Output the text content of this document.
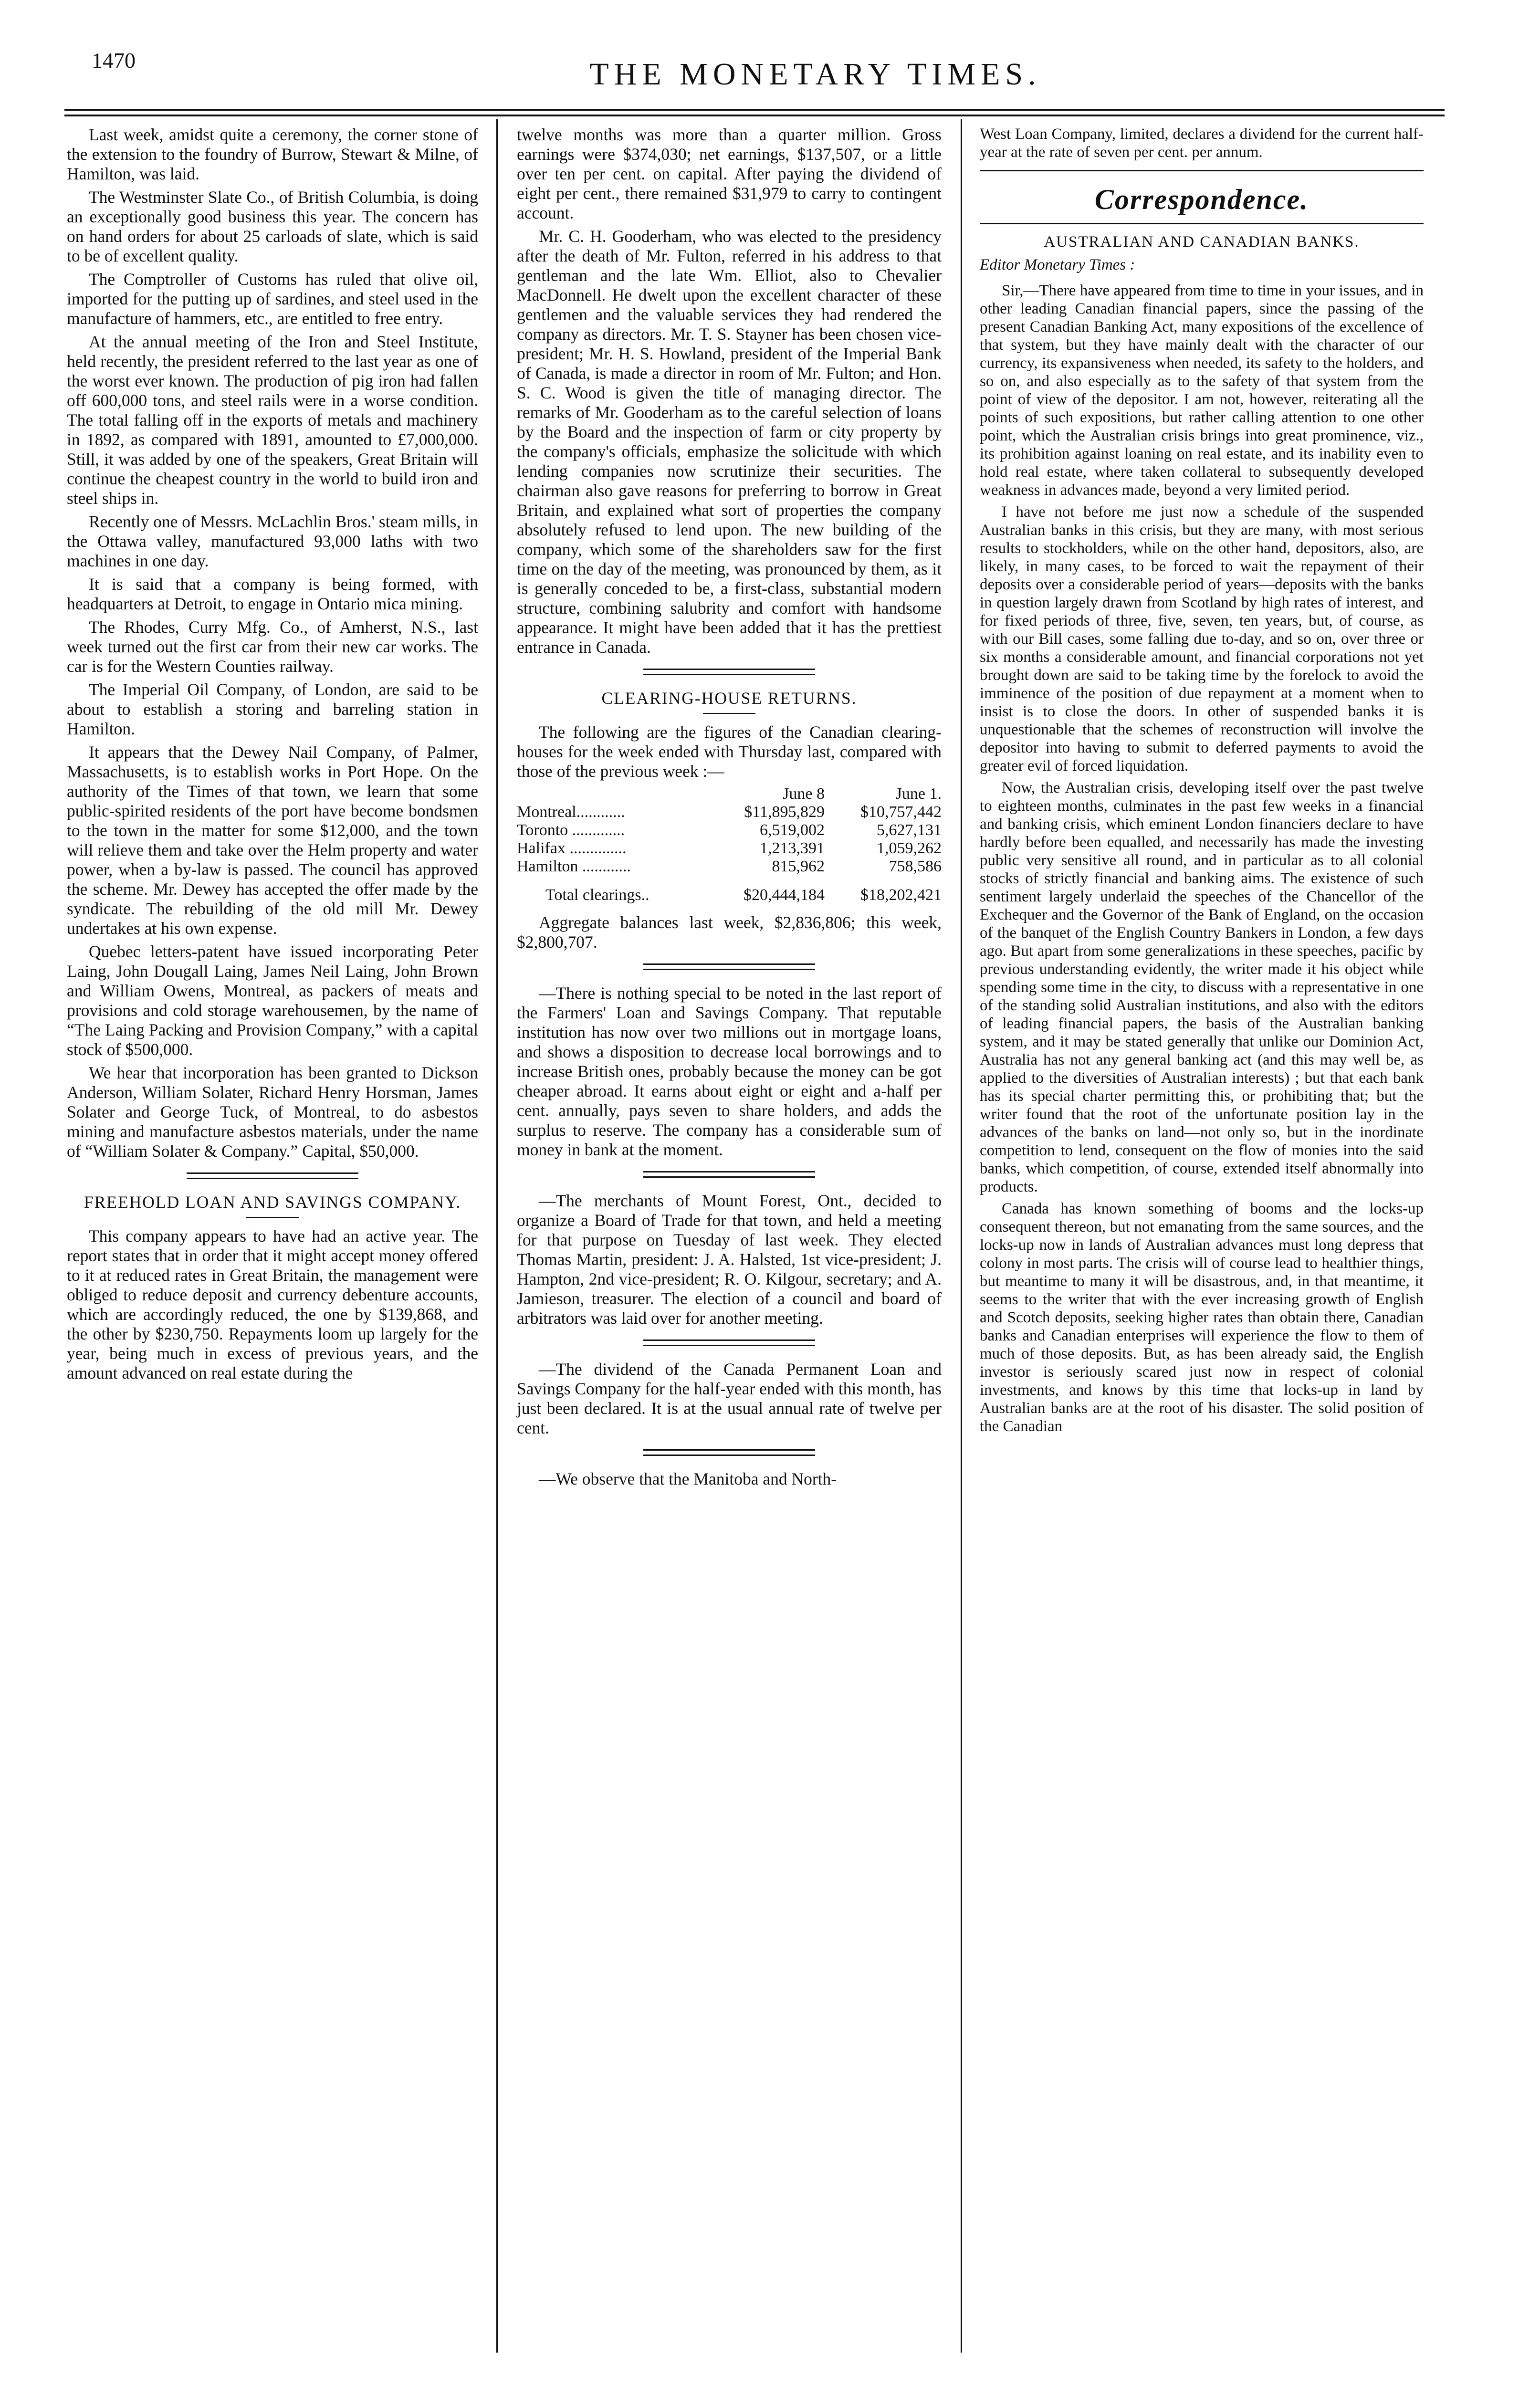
1470	THE MONETARY TIMES.

Last week, amidst quite a ceremony, the corner stone of the extension to the foundry of Burrow, Stewart & Milne, of Hamilton, was laid.

The Westminster Slate Co., of British Columbia, is doing an exceptionally good business this year. The concern has on hand orders for about 25 carloads of slate, which is said to be of excellent quality.

The Comptroller of Customs has ruled that olive oil, imported for the putting up of sardines, and steel used in the manufacture of hammers, etc., are entitled to free entry.

At the annual meeting of the Iron and Steel Institute, held recently, the president referred to the last year as one of the worst ever known. The production of pig iron had fallen off 600,000 tons, and steel rails were in a worse condition. The total falling off in the exports of metals and machinery in 1892, as compared with 1891, amounted to £7,000,000. Still, it was added by one of the speakers, Great Britain will continue the cheapest country in the world to build iron and steel ships in.

Recently one of Messrs. McLachlin Bros.' steam mills, in the Ottawa valley, manufactured 93,000 laths with two machines in one day.

It is said that a company is being formed, with headquarters at Detroit, to engage in Ontario mica mining.

The Rhodes, Curry Mfg. Co., of Amherst, N.S., last week turned out the first car from their new car works. The car is for the Western Counties railway.

The Imperial Oil Company, of London, are said to be about to establish a storing and barreling station in Hamilton.

It appears that the Dewey Nail Company, of Palmer, Massachusetts, is to establish works in Port Hope. On the authority of the Times of that town, we learn that some public-spirited residents of the port have become bondsmen to the town in the matter for some $12,000, and the town will relieve them and take over the Helm property and water power, when a by-law is passed. The council has approved the scheme. Mr. Dewey has accepted the offer made by the syndicate. The rebuilding of the old mill Mr. Dewey undertakes at his own expense.

Quebec letters-patent have issued incorporating Peter Laing, John Dougall Laing, James Neil Laing, John Brown and William Owens, Montreal, as packers of meats and provisions and cold storage warehousemen, by the name of “The Laing Packing and Provision Company,” with a capital stock of $500,000.

We hear that incorporation has been granted to Dickson Anderson, William Solater, Richard Henry Horsman, James Solater and George Tuck, of Montreal, to do asbestos mining and manufacture asbestos materials, under the name of “William Solater & Company.” Capital, $50,000.

FREEHOLD LOAN AND SAVINGS COMPANY.

This company appears to have had an active year. The report states that in order that it might accept money offered to it at reduced rates in Great Britain, the management were obliged to reduce deposit and currency debenture accounts, which are accordingly reduced, the one by $139,868, and the other by $230,750. Repayments loom up largely for the year, being much in excess of previous years, and the amount advanced on real estate during the

twelve months was more than a quarter million. Gross earnings were $374,030; net earnings, $137,507, or a little over ten per cent. on capital. After paying the dividend of eight per cent., there remained $31,979 to carry to contingent account.

Mr. C. H. Gooderham, who was elected to the presidency after the death of Mr. Fulton, referred in his address to that gentleman and the late Wm. Elliot, also to Chevalier MacDonnell. He dwelt upon the excellent character of these gentlemen and the valuable services they had rendered the company as directors. Mr. T. S. Stayner has been chosen vice-president; Mr. H. S. Howland, president of the Imperial Bank of Canada, is made a director in room of Mr. Fulton; and Hon. S. C. Wood is given the title of managing director. The remarks of Mr. Gooderham as to the careful selection of loans by the Board and the inspection of farm or city property by the company's officials, emphasize the solicitude with which lending companies now scrutinize their securities. The chairman also gave reasons for preferring to borrow in Great Britain, and explained what sort of properties the company absolutely refused to lend upon. The new building of the company, which some of the shareholders saw for the first time on the day of the meeting, was pronounced by them, as it is generally conceded to be, a first-class, substantial modern structure, combining salubrity and comfort with handsome appearance. It might have been added that it has the prettiest entrance in Canada.

CLEARING-HOUSE RETURNS.

The following are the figures of the Canadian clearing-houses for the week ended with Thursday last, compared with those of the previous week :—

	June 8	June 1.
Montreal............	$11,895,829	$10,757,442
Toronto .............	6,519,002	5,627,131
Halifax ..............	1,213,391	1,059,262
Hamilton ............	815,962	758,586
Total clearings..	$20,444,184	$18,202,421

Aggregate balances last week, $2,836,806; this week, $2,800,707.

—There is nothing special to be noted in the last report of the Farmers' Loan and Savings Company. That reputable institution has now over two millions out in mortgage loans, and shows a disposition to decrease local borrowings and to increase British ones, probably because the money can be got cheaper abroad. It earns about eight or eight and a-half per cent. annually, pays seven to share holders, and adds the surplus to reserve. The company has a considerable sum of money in bank at the moment.

—The merchants of Mount Forest, Ont., decided to organize a Board of Trade for that town, and held a meeting for that purpose on Tuesday of last week. They elected Thomas Martin, president: J. A. Halsted, 1st vice-president; J. Hampton, 2nd vice-president; R. O. Kilgour, secretary; and A. Jamieson, treasurer. The election of a council and board of arbitrators was laid over for another meeting.

—The dividend of the Canada Permanent Loan and Savings Company for the half-year ended with this month, has just been declared. It is at the usual annual rate of twelve per cent.

—We observe that the Manitoba and North-

West Loan Company, limited, declares a dividend for the current half-year at the rate of seven per cent. per annum.

Correspondence.

AUSTRALIAN AND CANADIAN BANKS.

Editor Monetary Times :

Sir,—There have appeared from time to time in your issues, and in other leading Canadian financial papers, since the passing of the present Canadian Banking Act, many expositions of the excellence of that system, but they have mainly dealt with the character of our currency, its expansiveness when needed, its safety to the holders, and so on, and also especially as to the safety of that system from the point of view of the depositor. I am not, however, reiterating all the points of such expositions, but rather calling attention to one other point, which the Australian crisis brings into great prominence, viz., its prohibition against loaning on real estate, and its inability even to hold real estate, where taken collateral to subsequently developed weakness in advances made, beyond a very limited period.

I have not before me just now a schedule of the suspended Australian banks in this crisis, but they are many, with most serious results to stockholders, while on the other hand, depositors, also, are likely, in many cases, to be forced to wait the repayment of their deposits over a considerable period of years—deposits with the banks in question largely drawn from Scotland by high rates of interest, and for fixed periods of three, five, seven, ten years, but, of course, as with our Bill cases, some falling due to-day, and so on, over three or six months a considerable amount, and financial corporations not yet brought down are said to be taking time by the forelock to avoid the imminence of the position of due repayment at a moment when to insist is to close the doors. In other of suspended banks it is unquestionable that the schemes of reconstruction will involve the depositor into having to submit to deferred payments to avoid the greater evil of forced liquidation.

Now, the Australian crisis, developing itself over the past twelve to eighteen months, culminates in the past few weeks in a financial and banking crisis, which eminent London financiers declare to have hardly before been equalled, and necessarily has made the investing public very sensitive all round, and in particular as to all colonial stocks of strictly financial and banking aims. The existence of such sentiment largely underlaid the speeches of the Chancellor of the Exchequer and the Governor of the Bank of England, on the occasion of the banquet of the English Country Bankers in London, a few days ago. But apart from some generalizations in these speeches, pacific by previous understanding evidently, the writer made it his object while spending some time in the city, to discuss with a representative in one of the standing solid Australian institutions, and also with the editors of leading financial papers, the basis of the Australian banking system, and it may be stated generally that unlike our Dominion Act, Australia has not any general banking act (and this may well be, as applied to the diversities of Australian interests) ; but that each bank has its special charter permitting this, or prohibiting that; but the writer found that the root of the unfortunate position lay in the advances of the banks on land—not only so, but in the inordinate competition to lend, consequent on the flow of monies into the said banks, which competition, of course, extended itself abnormally into products.

Canada has known something of booms and the locks-up consequent thereon, but not emanating from the same sources, and the locks-up now in lands of Australian advances must long depress that colony in most parts. The crisis will of course lead to healthier things, but meantime to many it will be disastrous, and, in that meantime, it seems to the writer that with the ever increasing growth of English and Scotch deposits, seeking higher rates than obtain there, Canadian banks and Canadian enterprises will experience the flow to them of much of those deposits. But, as has been already said, the English investor is seriously scared just now in respect of colonial investments, and knows by this time that locks-up in land by Australian banks are at the root of his disaster. The solid position of the Canadian
